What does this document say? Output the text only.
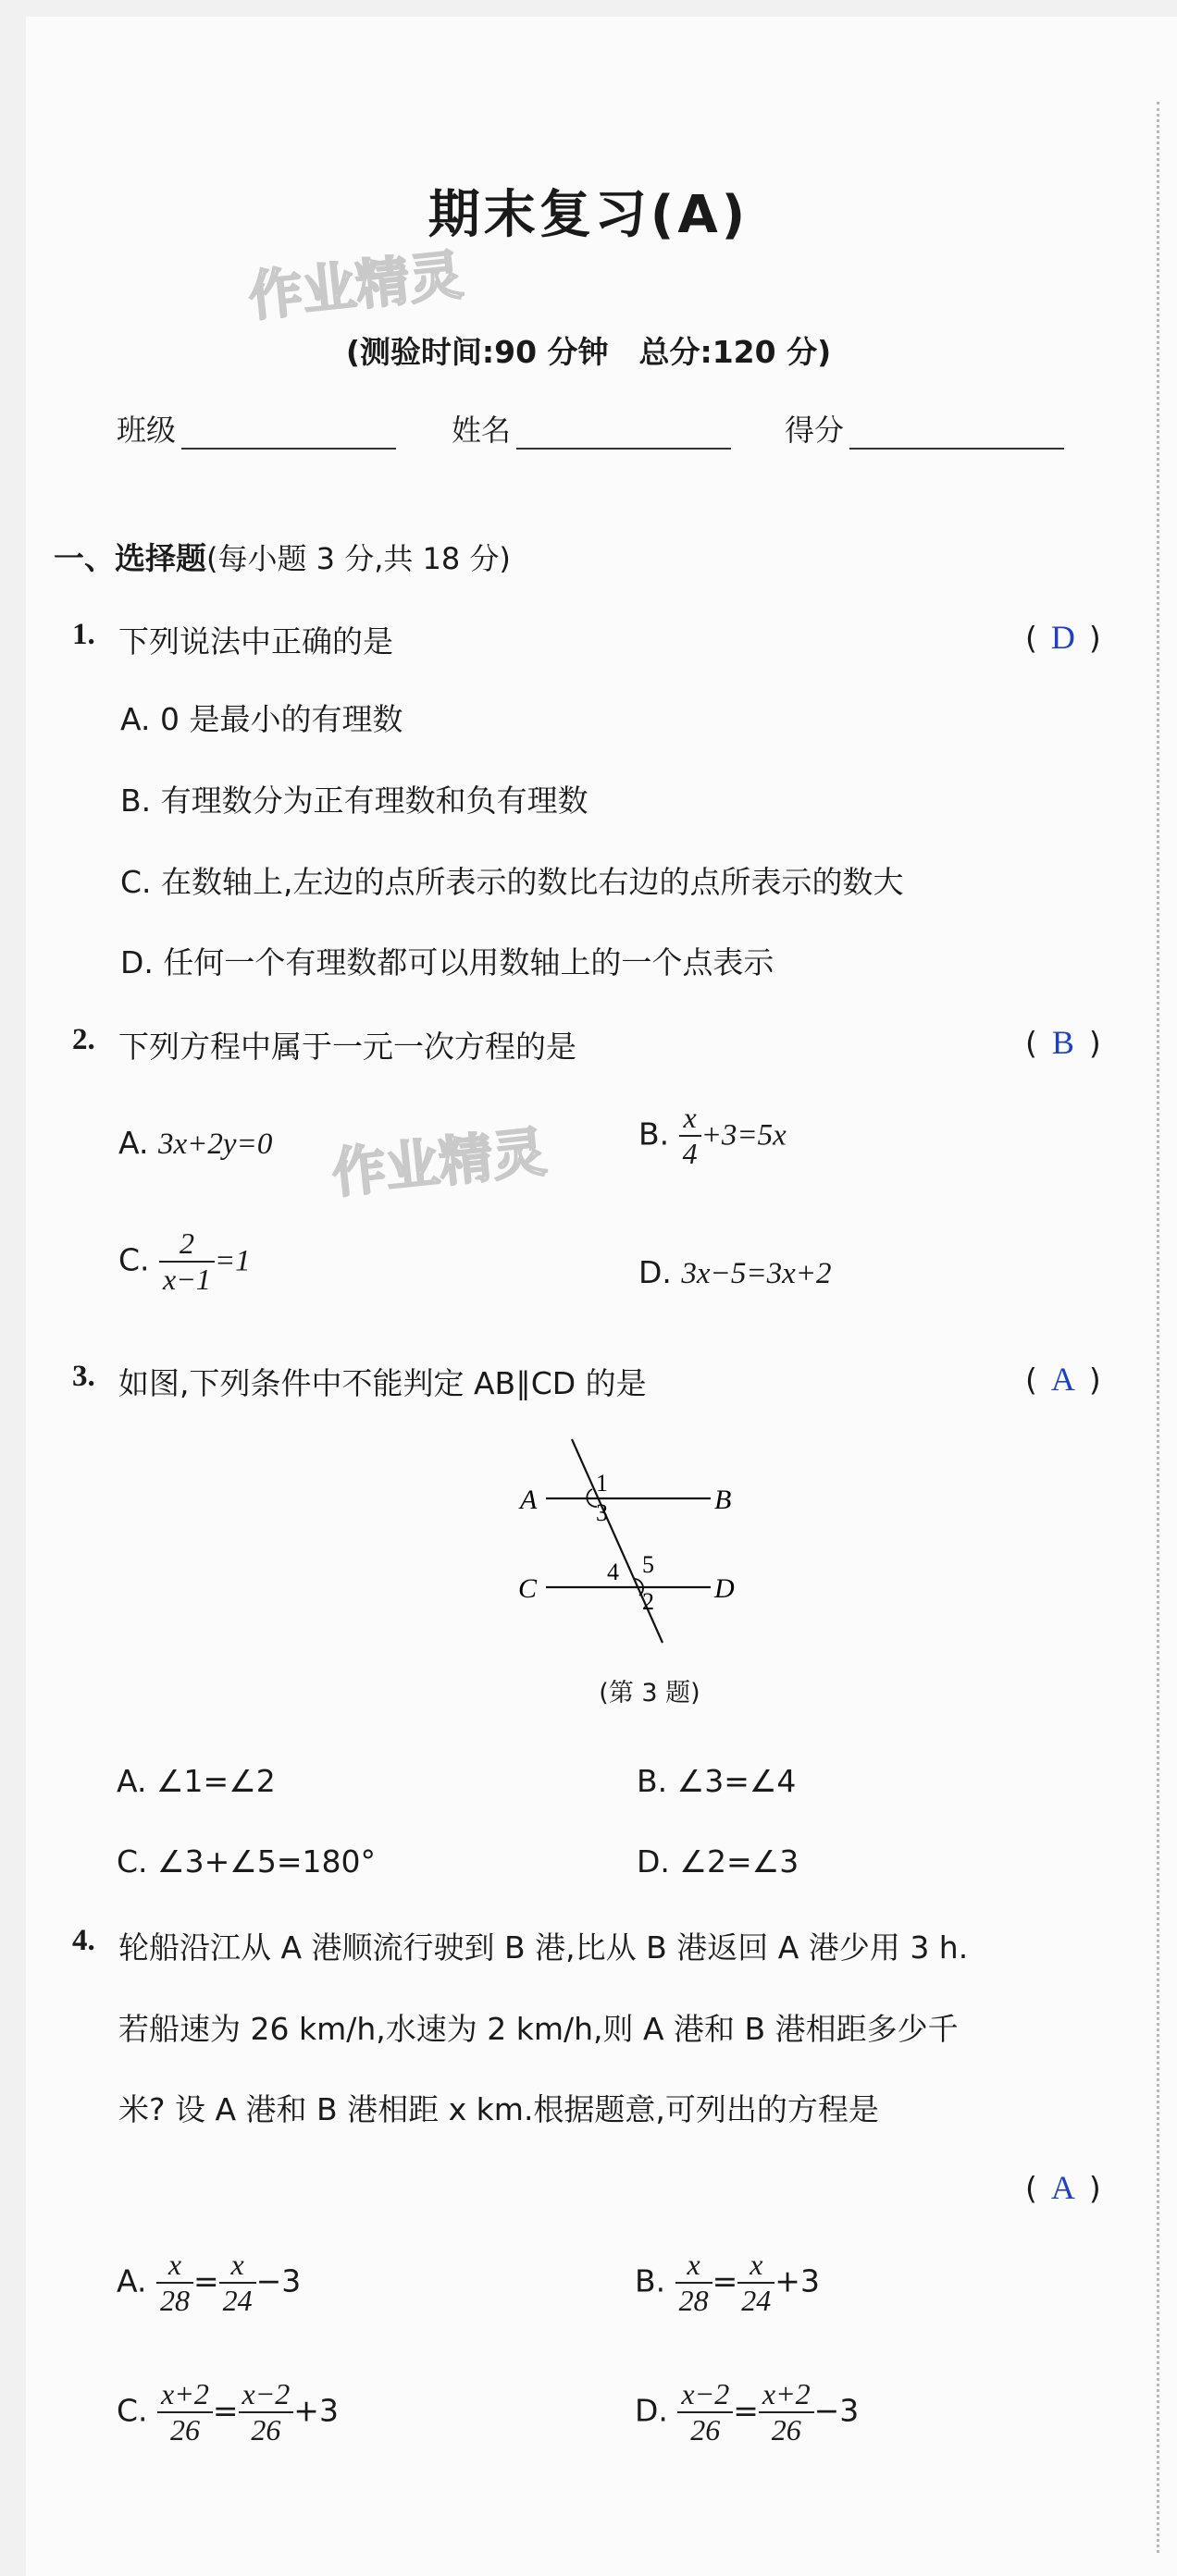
期末复习(A)
作业精灵
(测验时间:90 分钟　总分:120 分)
班级	姓名	得分
一、选择题(每小题 3 分,共 18 分)
1. 下列说法中正确的是	( D )
A. 0 是最小的有理数
B. 有理数分为正有理数和负有理数
C. 在数轴上,左边的点所表示的数比右边的点所表示的数大
D. 任何一个有理数都可以用数轴上的一个点表示
2. 下列方程中属于一元一次方程的是	( B )
A. 3x+2y=0 作业精灵	B. $\frac{x}{4} +3=5x$
C. $\frac{2}{x-1} =1$	D. 3x−5=3x+2
3. 如图,下列条件中不能判定 AB∥CD 的是	( A )
A	B
C	D
1
3
4 5
2
(第 3 题)
A. ∠1=∠2	B. ∠3=∠4
C. ∠3+∠5=180°	D. ∠2=∠3
4. 轮船沿江从 A 港顺流行驶到 B 港,比从 B 港返回 A 港少用 3 h.
若船速为 26 km/h,水速为 2 km/h,则 A 港和 B 港相距多少千
米? 设 A 港和 B 港相距 x km.根据题意,可列出的方程是
( A )
A. $\frac{x}{28} = \frac{x}{24} -3$	B. $\frac{x}{28} = \frac{x}{24} +3$
C. $\frac{x+2}{26} = \frac{x-2}{26} +3$	D. $\frac{x-2}{26} = \frac{x+2}{26} -3$
